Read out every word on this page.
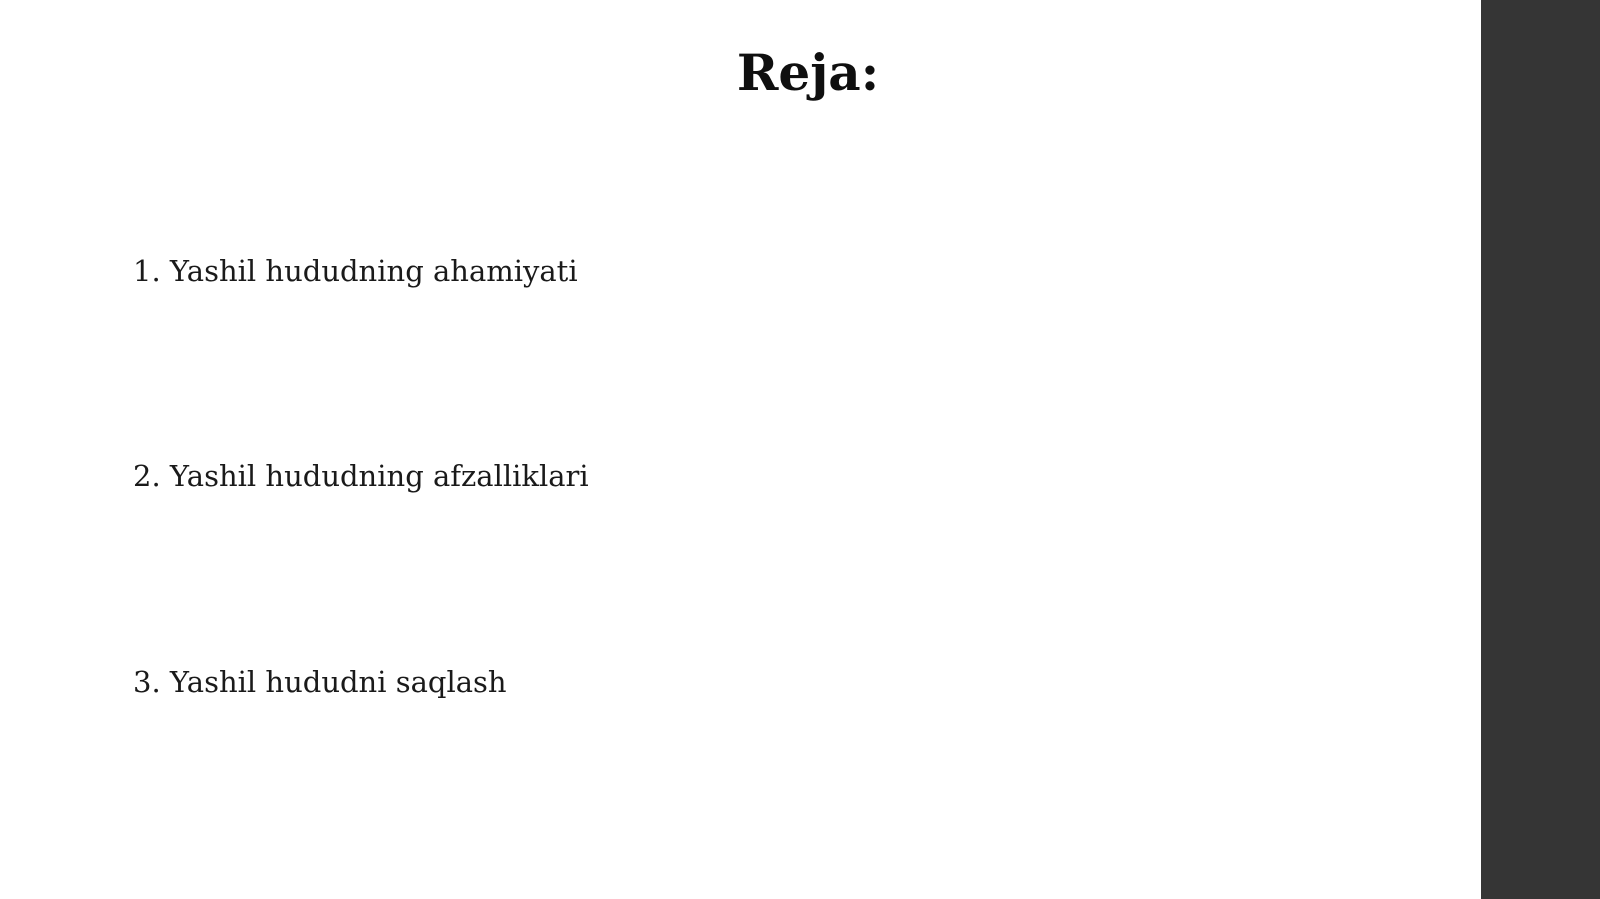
Reja:
1. Yashil hududning ahamiyati
2. Yashil hududning afzalliklari
3. Yashil hududni saqlash
